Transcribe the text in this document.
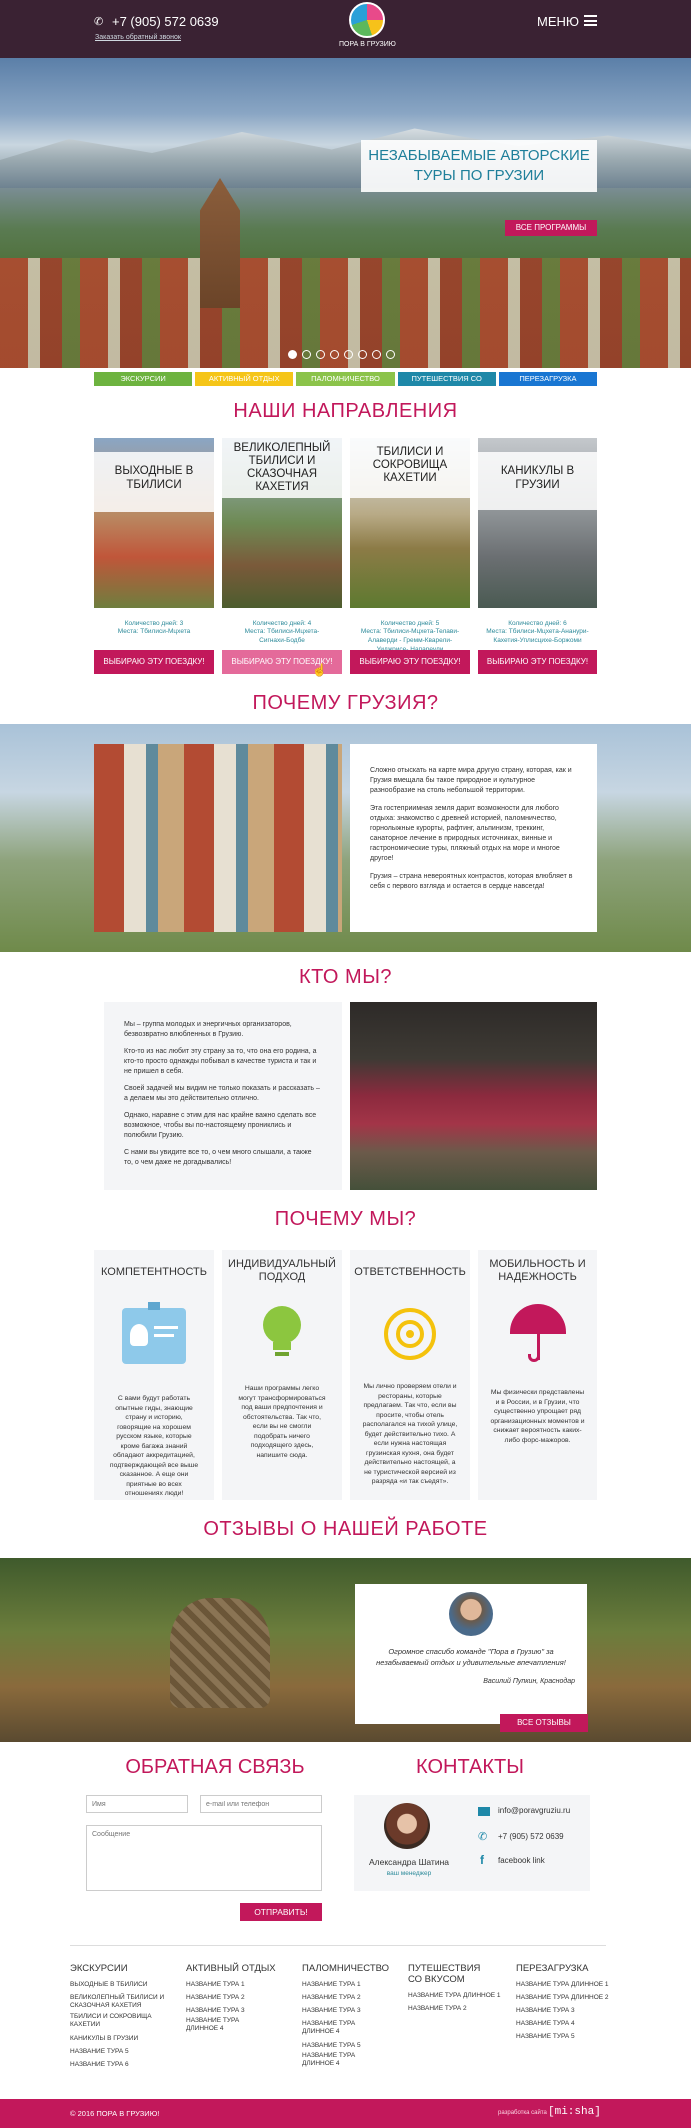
✆ +7 (905) 572 0639
Заказать обратный звонок
ПОРА В ГРУЗИЮ
МЕНЮ
НЕЗАБЫВАЕМЫЕ АВТОРСКИЕ
ТУРЫ ПО ГРУЗИИ
ВСЕ ПРОГРАММЫ
ЭКСКУРСИИ	АКТИВНЫЙ ОТДЫХ	ПАЛОМНИЧЕСТВО	ПУТЕШЕСТВИЯ СО ВКУСОМ
ПЕРЕЗАГРУЗКА
НАШИ НАПРАВЛЕНИЯ
ВЫХОДНЫЕ В ТБИЛИСИ
Количество дней: 3
Места: Тбилиси-Мцхета
ВЫБИРАЮ ЭТУ ПОЕЗДКУ!
ВЕЛИКОЛЕПНЫЙ ТБИЛИСИ И СКАЗОЧНАЯ КАХЕТИЯ
Количество дней: 4
Места: Тбилиси-Мцхета-Сигнахи-Бодбе
ВЫБИРАЮ ЭТУ ПОЕЗДКУ!
☝
ТБИЛИСИ И СОКРОВИЩА КАХЕТИИ
Количество дней: 5
Места: Тбилиси-Мцхета-Телави-Алаверди - Гремм-Кварели-
ВЫБИРАЮ ЭТУ ПОЕЗДКУ!
КАНИКУЛЫ В ГРУЗИИ
Количество дней: 6
Места: Тбилиси-Мцхета-Ананури-Кахетия-Уплисцихе-Боржоми
ВЫБИРАЮ ЭТУ ПОЕЗДКУ!
ПОЧЕМУ ГРУЗИЯ?

Сложно отыскать на карте мира другую страну, которая, как и Грузия вмещала бы такое природное и культурное разнообразие на столь небольшой территории.

Эта гостеприимная земля дарит возможности для любого отдыха: знакомство с древней историей, паломничество, горнолыжные курорты, рафтинг, альпинизм, треккинг, санаторное лечение в природных источниках, винные и гастрономические туры, пляжный отдых на море и многое другое!

Грузия – страна невероятных контрастов, которая влюбляет в себя с первого взгляда и остается в сердце навсегда!

КТО МЫ?

Мы – группа молодых и энергичных организаторов, безвозвратно влюбленных в Грузию.

Кто-то из нас любит эту страну за то, что она его родина, а кто-то просто однажды побывал в качестве туриста и так и не пришел в себя.

Своей задачей мы видим не только показать и рассказать – а делаем мы это действительно отлично.

Однако, наравне с этим для нас крайне важно сделать все возможное, чтобы вы по-настоящему прониклись и полюбили Грузию.

С нами вы увидите все то, о чем много слышали, а также то, о чем даже не догадывались!

ПОЧЕМУ МЫ?
КОМПЕТЕНТНОСТЬ

С вами будут работать опытные гиды, знающие страну и историю, говорящие на хорошем русском языке, которые кроме багажа знаний обладают аккредитацией, подтверждающей все выше сказанное. А еще они приятные во всех отношениях люди!

ИНДИВИДУАЛЬНЫЙ ПОДХОД

Наши программы легко могут трансформироваться под ваши предпочтения и обстоятельства. Так что, если вы не смогли подобрать ничего подходящего здесь, напишите сюда.

ОТВЕТСТВЕННОСТЬ

Мы лично проверяем отели и рестораны, которые предлагаем. Так что, если вы просите, чтобы отель располагался на тихой улице, будет действительно тихо. А если нужна настоящая грузинская кухня, она будет действительно настоящей, а не туристической версией из разряда «и так съедят».

МОБИЛЬНОСТЬ И НАДЕЖНОСТЬ

Мы физически представлены и в России, и в Грузии, что существенно упрощает ряд организационных моментов и снижает вероятность каких-либо форс-мажоров.

ОТЗЫВЫ О НАШЕЙ РАБОТЕ

Огромное спасибо команде "Пора в Грузию" за незабываемый отдых и удивительные впечатления!

Василий Пупкин, Краснодар

ВСЕ ОТЗЫВЫ
ОБРАТНАЯ СВЯЗЬ
Имя
e-mail или телефон
Сообщение
ОТПРАВИТЬ!
КОНТАКТЫ
Александра Шатина
ваш менеджер
info@poravgruziu.ru
✆ +7 (905) 572 0639
f facebook link
ЭКСКУРСИИ
ВЫХОДНЫЕ В ТБИЛИСИ
ВЕЛИКОЛЕПНЫЙ ТБИЛИСИ И СКАЗОЧНАЯ КАХЕТИЯ
ТБИЛИСИ И СОКРОВИЩА КАХЕТИИ
КАНИКУЛЫ В ГРУЗИИ
НАЗВАНИЕ ТУРА 5
НАЗВАНИЕ ТУРА 6
АКТИВНЫЙ ОТДЫХ
НАЗВАНИЕ ТУРА 1
НАЗВАНИЕ ТУРА 2
НАЗВАНИЕ ТУРА 3
НАЗВАНИЕ ТУРА ДЛИННОЕ 4
ПАЛОМНИЧЕСТВО
НАЗВАНИЕ ТУРА 1
НАЗВАНИЕ ТУРА 2
НАЗВАНИЕ ТУРА 3
НАЗВАНИЕ ТУРА ДЛИННОЕ 4
НАЗВАНИЕ ТУРА 5
НАЗВАНИЕ ТУРА ДЛИННОЕ 4
ПУТЕШЕСТВИЯ СО ВКУСОМ
НАЗВАНИЕ ТУРА ДЛИННОЕ 1
НАЗВАНИЕ ТУРА 2
ПЕРЕЗАГРУЗКА
НАЗВАНИЕ ТУРА ДЛИННОЕ 1
НАЗВАНИЕ ТУРА ДЛИННОЕ 2
НАЗВАНИЕ ТУРА 3
НАЗВАНИЕ ТУРА 4
НАЗВАНИЕ ТУРА 5
© 2016 ПОРА В ГРУЗИЮ!	разработка сайта [mi:sha]
